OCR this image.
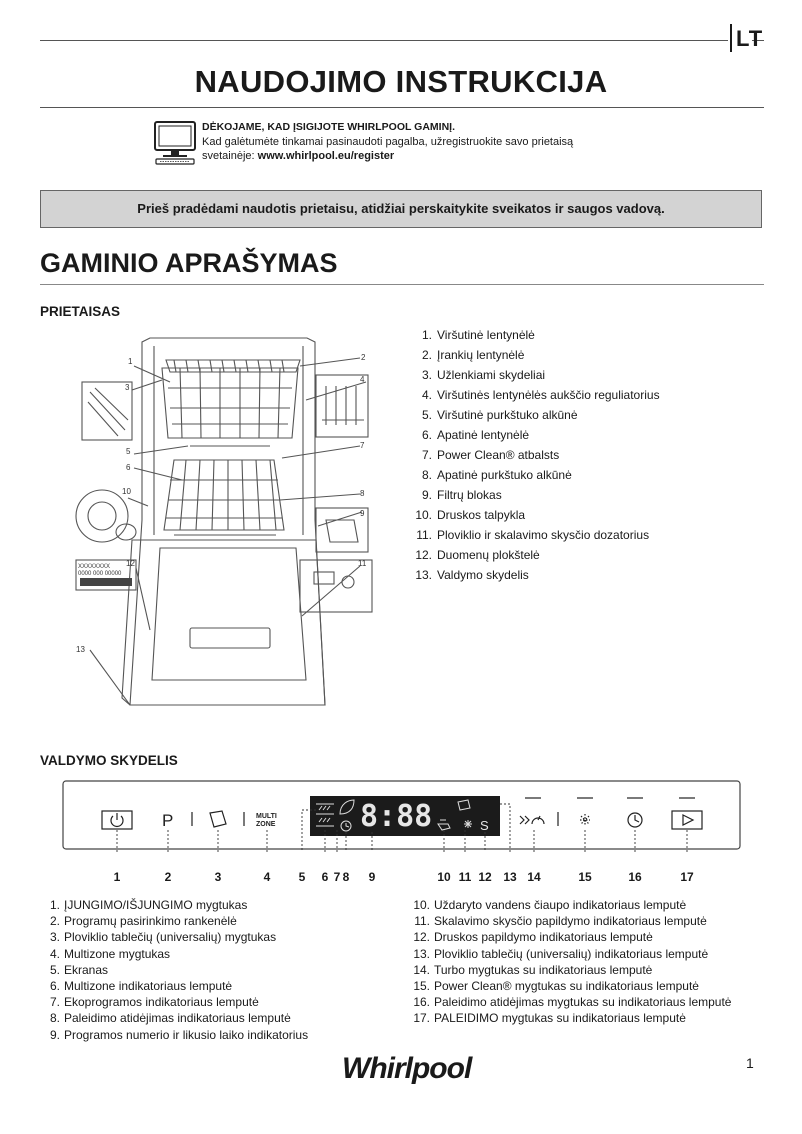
LT
NAUDOJIMO INSTRUKCIJA
DĖKOJAME, KAD ĮSIGIJOTE WHIRLPOOL GAMINĮ.
Kad galėtumėte tinkamai pasinaudoti pagalba, užregistruokite savo prietaisą
svetainėje: www.whirlpool.eu/register
Prieš pradėdami naudotis prietaisu, atidžiai perskaitykite sveikatos ir saugos vadovą.
GAMINIO APRAŠYMAS
PRIETAISAS
XXXXXXXX
0000 000 00000
1	2
3
4
5
6
7
8
9
10
11
12
13
1. Viršutinė lentynėlė
2. Įrankių lentynėlė
3. Užlenkiami skydeliai
4. Viršutinės lentynėlės aukščio reguliatorius
5. Viršutinė purkštuko alkūnė
6. Apatinė lentynėlė
7. Power Clean® atbalsts
8. Apatinė purkštuko alkūnė
9. Filtrų blokas
10. Druskos talpykla
11. Ploviklio ir skalavimo skysčio dozatorius
12. Duomenų plokštelė
13. Valdymo skydelis
VALDYMO SKYDELIS
P	MULTI
ZONE	8:88	S
1	2	3	4 5 6 7 8 9	10 11 12 13 14	15	16	17
1. ĮJUNGIMO/IŠJUNGIMO mygtukas
2. Programų pasirinkimo rankenėlė
3. Ploviklio tablečių (universalių) mygtukas
4. Multizone mygtukas
5. Ekranas
6. Multizone indikatoriaus lemputė
7. Ekoprogramos indikatoriaus lemputė
8. Paleidimo atidėjimas indikatoriaus lemputė
9. Programos numerio ir likusio laiko indikatorius
10. Uždaryto vandens čiaupo indikatoriaus lemputė
11. Skalavimo skysčio papildymo indikatoriaus lemputė
12. Druskos papildymo indikatoriaus lemputė
13. Ploviklio tablečių (universalių) indikatoriaus lemputė
14. Turbo mygtukas su indikatoriaus lemputė
15. Power Clean® mygtukas su indikatoriaus lemputė
16. Paleidimo atidėjimas mygtukas su indikatoriaus lemputė
17. PALEIDIMO mygtukas su indikatoriaus lemputė
Whirlpool	1
